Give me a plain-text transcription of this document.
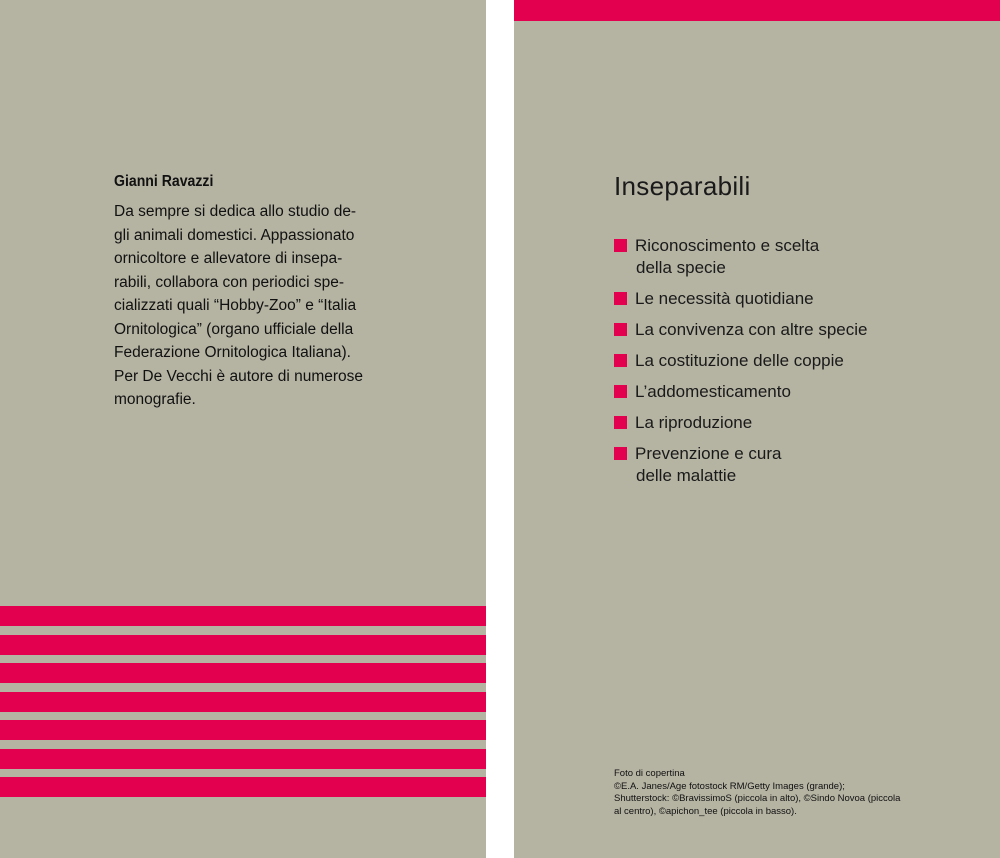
Gianni Ravazzi
Da sempre si dedica allo studio de-
gli animali domestici. Appassionato
ornicoltore e allevatore di insepa-
rabili, collabora con periodici spe-
cializzati quali “Hobby-Zoo” e “Italia
Ornitologica” (organo ufficiale della
Federazione Ornitologica Italiana).
Per De Vecchi è autore di numerose
monografie.
Inseparabili
Riconoscimento e scelta
della specie
Le necessità quotidiane
La convivenza con altre specie
La costituzione delle coppie
L’addomesticamento
La riproduzione
Prevenzione e cura
delle malattie
Foto di copertina
©E.A. Janes/Age fotostock RM/Getty Images (grande);
Shutterstock: ©BravissimoS (piccola in alto), ©Sindo Novoa (piccola
al centro), ©apichon_tee (piccola in basso).
